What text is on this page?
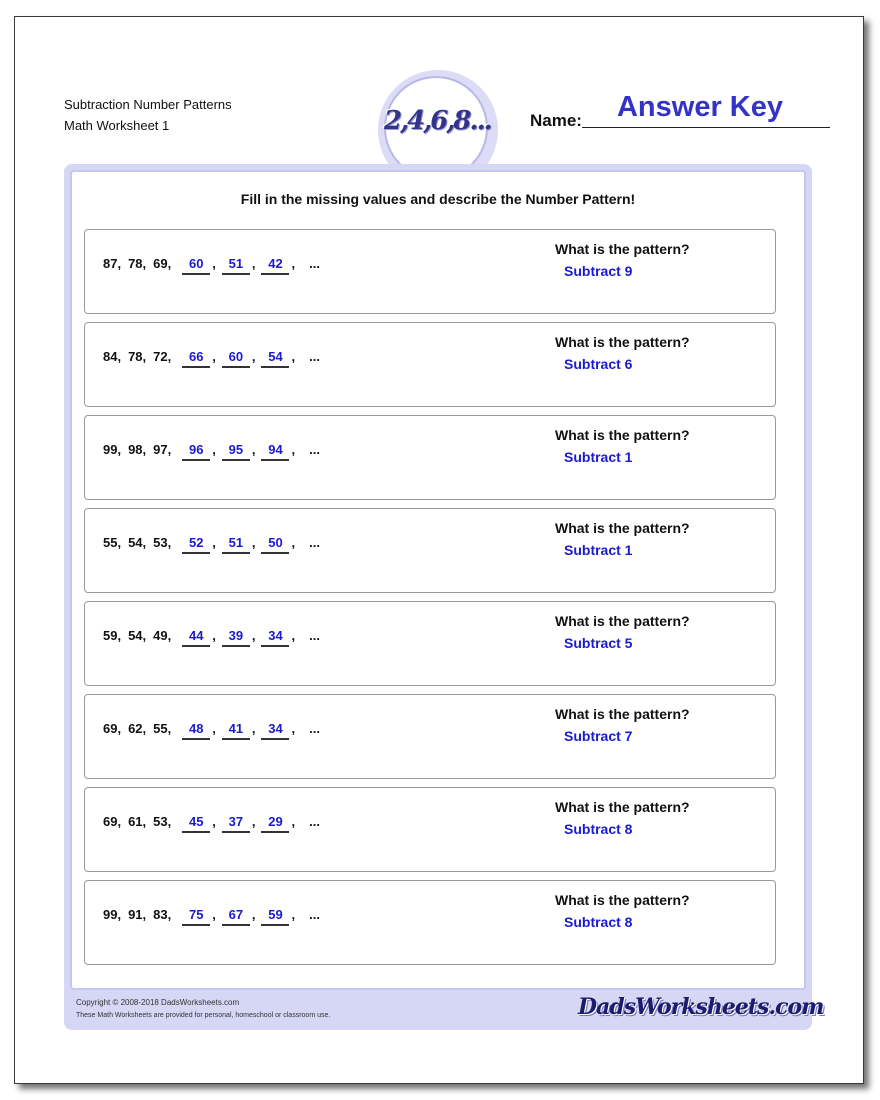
Subtraction Number Patterns
Math Worksheet 1	2,4,6,8... Name:	Answer Key
Fill in the missing values and describe the Number Pattern!
87, 78, 69, 60 , 51 , 42 , ...
What is the pattern?
Subtract 9
84, 78, 72, 66 , 60 , 54 , ...
What is the pattern?
Subtract 6
99, 98, 97, 96 , 95 , 94 , ...
What is the pattern?
Subtract 1
55, 54, 53, 52 , 51 , 50 , ...
What is the pattern?
Subtract 1
59, 54, 49, 44 , 39 , 34 , ...
What is the pattern?
Subtract 5
69, 62, 55, 48 , 41 , 34 , ...
What is the pattern?
Subtract 7
69, 61, 53, 45 , 37 , 29 , ...
What is the pattern?
Subtract 8
99, 91, 83, 75 , 67 , 59 , ...
What is the pattern?
Subtract 8
Copyright © 2008-2018 DadsWorksheets.com
These Math Worksheets are provided for personal, homeschool or classroom use.	DadsWorksheets.com
